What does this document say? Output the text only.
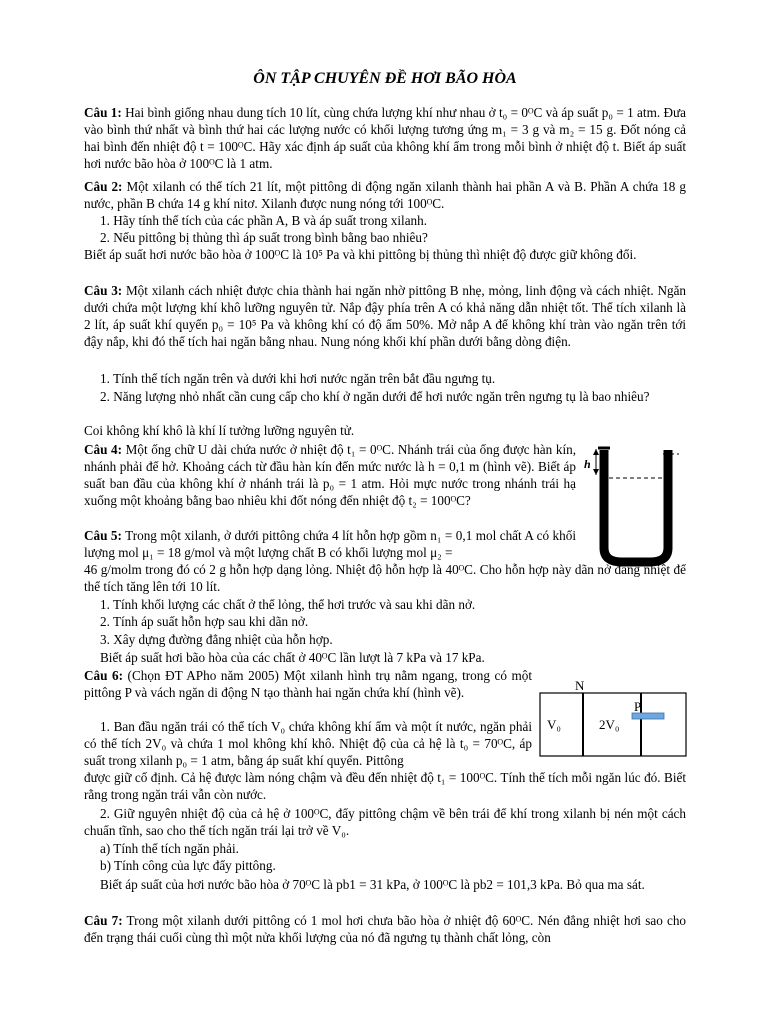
ÔN TẬP CHUYÊN ĐỀ HƠI BÃO HÒA
Câu 1: Hai bình giống nhau dung tích 10 lít, cùng chứa lượng khí như nhau ở t₀ = 0ᴼC và áp suất p₀ = 1 atm. Đưa vào bình thứ nhất và bình thứ hai các lượng nước có khối lượng tương ứng m₁ = 3 g và m₂ = 15 g. Đốt nóng cả hai bình đến nhiệt độ t = 100ᴼC. Hãy xác định áp suất của không khí ẩm trong mỗi bình ở nhiệt độ t. Biết áp suất hơi nước bão hòa ở 100ᴼC là 1 atm.
Câu 2: Một xilanh có thể tích 21 lít, một pittông di động ngăn xilanh thành hai phần A và B. Phần A chứa 18 g nước, phần B chứa 14 g khí nitơ. Xilanh được nung nóng tới 100ᴼC.
1. Hãy tính thể tích của các phần A, B và áp suất trong xilanh.
2. Nếu pittông bị thủng thì áp suất trong bình bằng bao nhiêu?
Biết áp suất hơi nước bão hòa ở 100ᴼC là 10⁵ Pa và khi pittông bị thủng thì nhiệt độ được giữ không đổi.
Câu 3: Một xilanh cách nhiệt được chia thành hai ngăn nhờ pittông B nhẹ, mỏng, linh động và cách nhiệt. Ngăn dưới chứa một lượng khí khô lưỡng nguyên tử. Nắp đậy phía trên A có khả năng dẫn nhiệt tốt. Thể tích xilanh là 2 lít, áp suất khí quyển p₀ = 10⁵ Pa và không khí có độ ẩm 50%. Mở nắp A để không khí tràn vào ngăn trên tới đậy nắp, khi đó thể tích hai ngăn bằng nhau. Nung nóng khối khí phần dưới bằng dòng điện.
1. Tính thể tích ngăn trên và dưới khi hơi nước ngăn trên bắt đầu ngưng tụ.
2. Năng lượng nhỏ nhất cần cung cấp cho khí ở ngăn dưới để hơi nước ngăn trên ngưng tụ là bao nhiêu?
Coi không khí khô là khí lí tưởng lưỡng nguyên tử.
Câu 4: Một ống chữ U dài chứa nước ở nhiệt độ t₁ = 0ᴼC. Nhánh trái của ống được hàn kín, nhánh phải để hở. Khoảng cách từ đầu hàn kín đến mức nước là h = 0,1 m (hình vẽ). Biết áp suất ban đầu của không khí ở nhánh trái là p₀ = 1 atm. Hỏi mực nước trong nhánh trái hạ xuống một khoảng bằng bao nhiêu khi đốt nóng đến nhiệt độ t₂ = 100ᴼC?
h
Câu 5: Trong một xilanh, ở dưới pittông chứa 4 lít hỗn hợp gồm n₁ = 0,1 mol chất A có khối lượng mol μ₁ = 18 g/mol và một lượng chất B có khối lượng mol μ₂ =
46 g/molm trong đó có 2 g hỗn hợp dạng lỏng. Nhiệt độ hỗn hợp là 40ᴼC. Cho hỗn hợp này dãn nở đẳng nhiệt để thể tích tăng lên tới 10 lít.
1. Tính khối lượng các chất ở thể lỏng, thể hơi trước và sau khi dãn nở.
2. Tính áp suất hỗn hợp sau khi dãn nở.
3. Xây dựng đường đẳng nhiệt của hỗn hợp.
Biết áp suất hơi bão hòa của các chất ở 40ᴼC lần lượt là 7 kPa và 17 kPa.
Câu 6: (Chọn ĐT APho năm 2005) Một xilanh hình trụ nằm ngang, trong có một pittông P và vách ngăn di động N tạo thành hai ngăn chứa khí (hình vẽ).	N
V₀	2V₀
P
1. Ban đầu ngăn trái có thể tích V₀ chứa không khí ẩm và một ít nước, ngăn phải có thể tích 2V₀ và chứa 1 mol không khí khô. Nhiệt độ của cả hệ là t₀ = 70ᴼC, áp suất trong xilanh p₀ = 1 atm, bằng áp suất khí quyển. Pittông
được giữ cố định. Cả hệ được làm nóng chậm và đều đến nhiệt độ t₁ = 100ᴼC. Tính thể tích mỗi ngăn lúc đó. Biết rằng trong ngăn trái vẫn còn nước.
2. Giữ nguyên nhiệt độ của cả hệ ở 100ᴼC, đẩy pittông chậm về bên trái để khí trong xilanh bị nén một cách chuẩn tĩnh, sao cho thể tích ngăn trái lại trở về V₀.
a) Tính thể tích ngăn phải.
b) Tính công của lực đẩy pittông.
Biết áp suất của hơi nước bão hòa ở 70ᴼC là pb1 = 31 kPa, ở 100ᴼC là pb2 = 101,3 kPa. Bỏ qua ma sát.
Câu 7: Trong một xilanh dưới pittông có 1 mol hơi chưa bão hòa ở nhiệt độ 60ᴼC. Nén đẳng nhiệt hơi sao cho đến trạng thái cuối cùng thì một nửa khối lượng của nó đã ngưng tụ thành chất lỏng, còn
